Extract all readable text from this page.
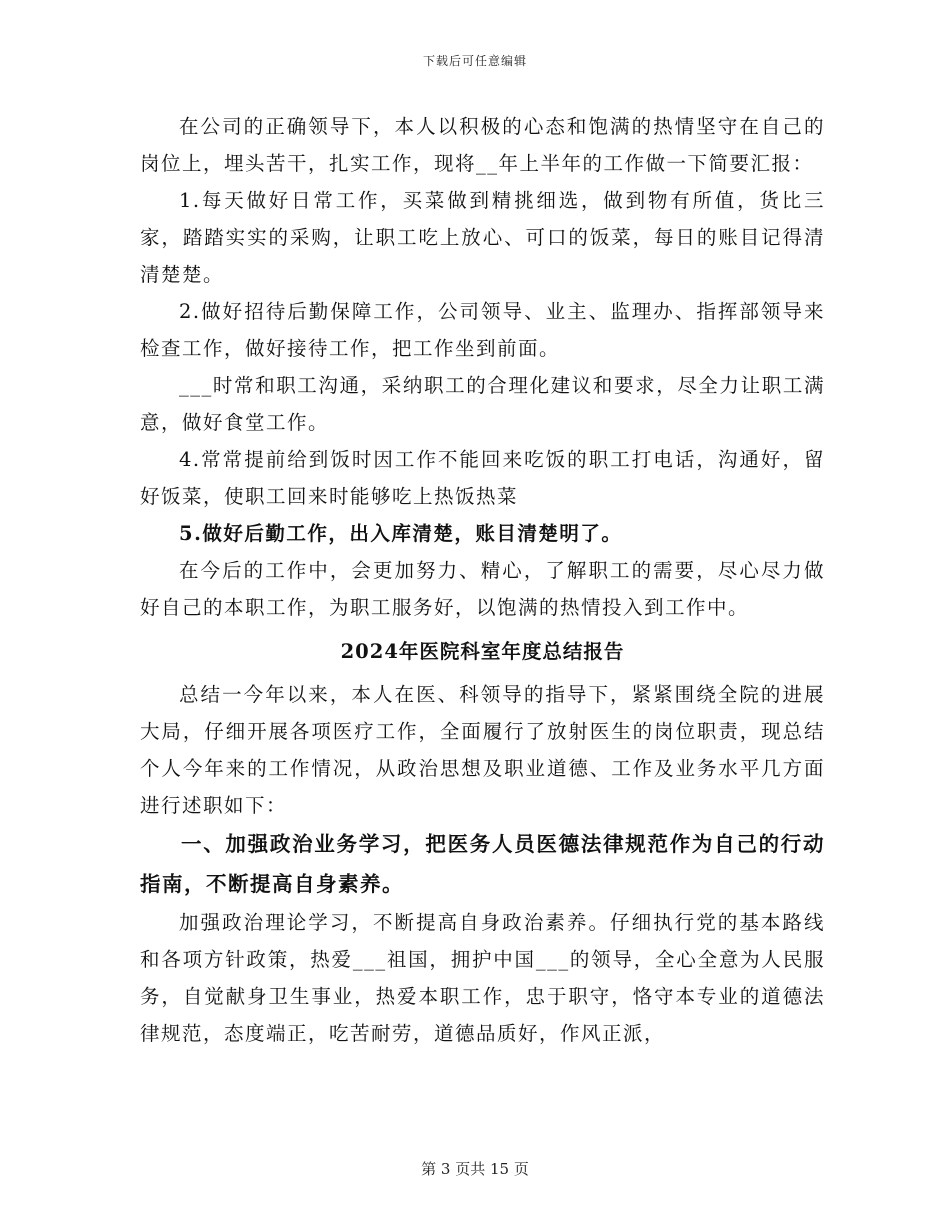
下载后可任意编辑

在公司的正确领导下，本人以积极的心态和饱满的热情坚守在自己的岗位上，埋头苦干，扎实工作，现将__年上半年的工作做一下简要汇报：

1.每天做好日常工作，买菜做到精挑细选，做到物有所值，货比三家，踏踏实实的采购，让职工吃上放心、可口的饭菜，每日的账目记得清清楚楚。

2.做好招待后勤保障工作，公司领导、业主、监理办、指挥部领导来检查工作，做好接待工作，把工作坐到前面。

___时常和职工沟通，采纳职工的合理化建议和要求，尽全力让职工满意，做好食堂工作。

4.常常提前给到饭时因工作不能回来吃饭的职工打电话，沟通好，留好饭菜，使职工回来时能够吃上热饭热菜

5.做好后勤工作，出入库清楚，账目清楚明了。

在今后的工作中，会更加努力、精心，了解职工的需要，尽心尽力做好自己的本职工作，为职工服务好，以饱满的热情投入到工作中。

2024年医院科室年度总结报告

总结一今年以来，本人在医、科领导的指导下，紧紧围绕全院的进展大局，仔细开展各项医疗工作，全面履行了放射医生的岗位职责，现总结个人今年来的工作情况，从政治思想及职业道德、工作及业务水平几方面进行述职如下：

一、加强政治业务学习，把医务人员医德法律规范作为自己的行动指南，不断提高自身素养。

加强政治理论学习，不断提高自身政治素养。仔细执行党的基本路线和各项方针政策，热爱___祖国，拥护中国___的领导，全心全意为人民服务，自觉献身卫生事业，热爱本职工作，忠于职守，恪守本专业的道德法律规范，态度端正，吃苦耐劳，道德品质好，作风正派，

第 3 页共 15 页
